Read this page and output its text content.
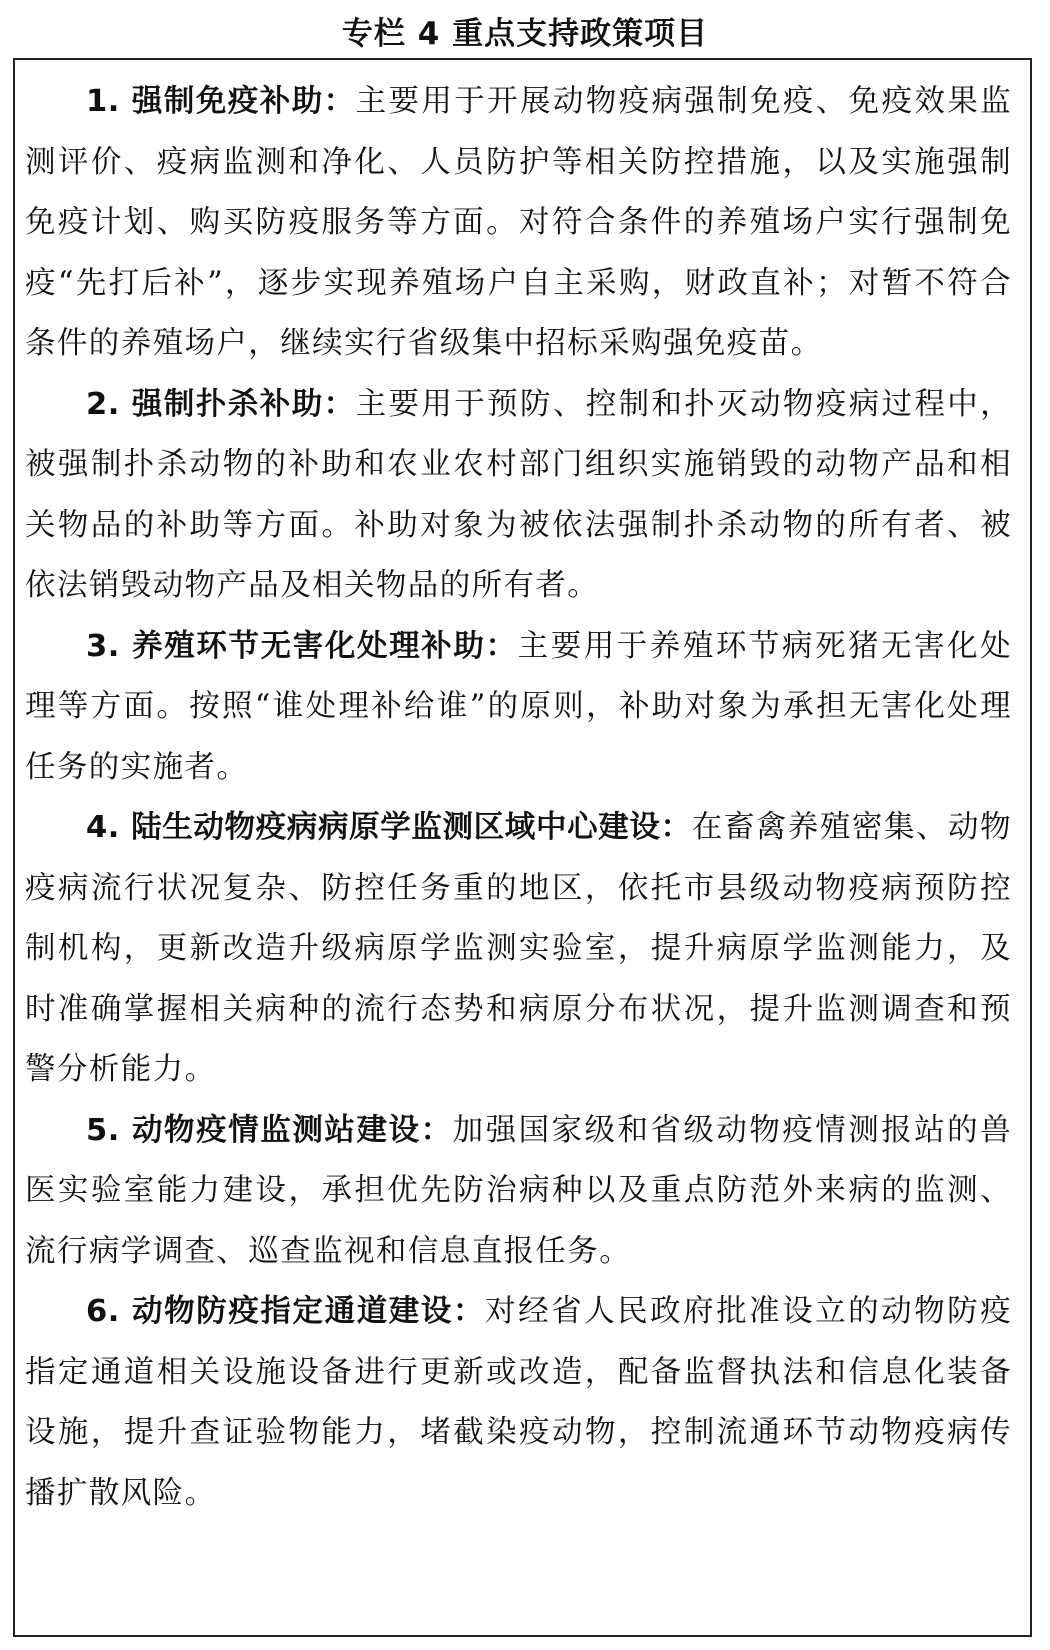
专栏 4 重点支持政策项目

1. 强制免疫补助：主要用于开展动物疫病强制免疫、免疫效果监测评价、疫病监测和净化、人员防护等相关防控措施，以及实施强制免疫计划、购买防疫服务等方面。对符合条件的养殖场户实行强制免疫“先打后补”，逐步实现养殖场户自主采购，财政直补；对暂不符合条件的养殖场户，继续实行省级集中招标采购强免疫苗。

2. 强制扑杀补助：主要用于预防、控制和扑灭动物疫病过程中，被强制扑杀动物的补助和农业农村部门组织实施销毁的动物产品和相关物品的补助等方面。补助对象为被依法强制扑杀动物的所有者、被依法销毁动物产品及相关物品的所有者。

3. 养殖环节无害化处理补助：主要用于养殖环节病死猪无害化处理等方面。按照“谁处理补给谁”的原则，补助对象为承担无害化处理任务的实施者。

4. 陆生动物疫病病原学监测区域中心建设：在畜禽养殖密集、动物疫病流行状况复杂、防控任务重的地区，依托市县级动物疫病预防控制机构，更新改造升级病原学监测实验室，提升病原学监测能力，及时准确掌握相关病种的流行态势和病原分布状况，提升监测调查和预警分析能力。

5. 动物疫情监测站建设：加强国家级和省级动物疫情测报站的兽医实验室能力建设，承担优先防治病种以及重点防范外来病的监测、流行病学调查、巡查监视和信息直报任务。

6. 动物防疫指定通道建设：对经省人民政府批准设立的动物防疫指定通道相关设施设备进行更新或改造，配备监督执法和信息化装备设施，提升查证验物能力，堵截染疫动物，控制流通环节动物疫病传播扩散风险。
